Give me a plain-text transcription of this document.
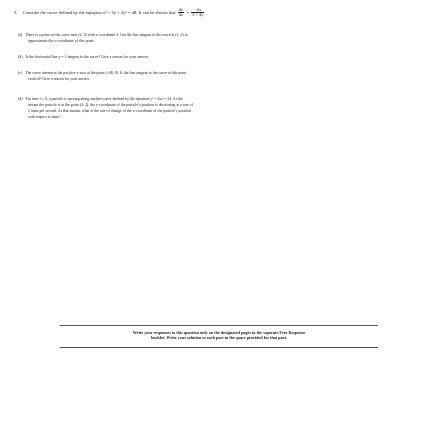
5. Consider the curve defined by the equation x² + 3y + 2y² = 48. It can be shown that $\frac{dy}{dx} = \frac{-2x}{3 + 4y}$
(a) There is a point on the curve near (2, 4) with x-coordinate 3. Use the line tangent to the curve at (2, 4) to
approximate the y-coordinate of this point.
(b) Is the horizontal line y = 1 tangent to the curve? Give a reason for your answer.
(c) The curve intersects the positive x-axis at the point (√48, 0). Is the line tangent to the curve at this point
vertical? Give a reason for your answer.
(d) For time t ≥ 0, a particle is moving along another curve defined by the equation y³ + 2xy = 24. At the
instant the particle is at the point (4, 2), the y-coordinate of the particle’s position is decreasing at a rate of
2 units per second. At that instant, what is the rate of change of the x-coordinate of the particle’s position
with respect to time?
Write your responses to this question only on the designated pages in the separate Free Response
booklet. Write your solution to each part in the space provided for that part.
